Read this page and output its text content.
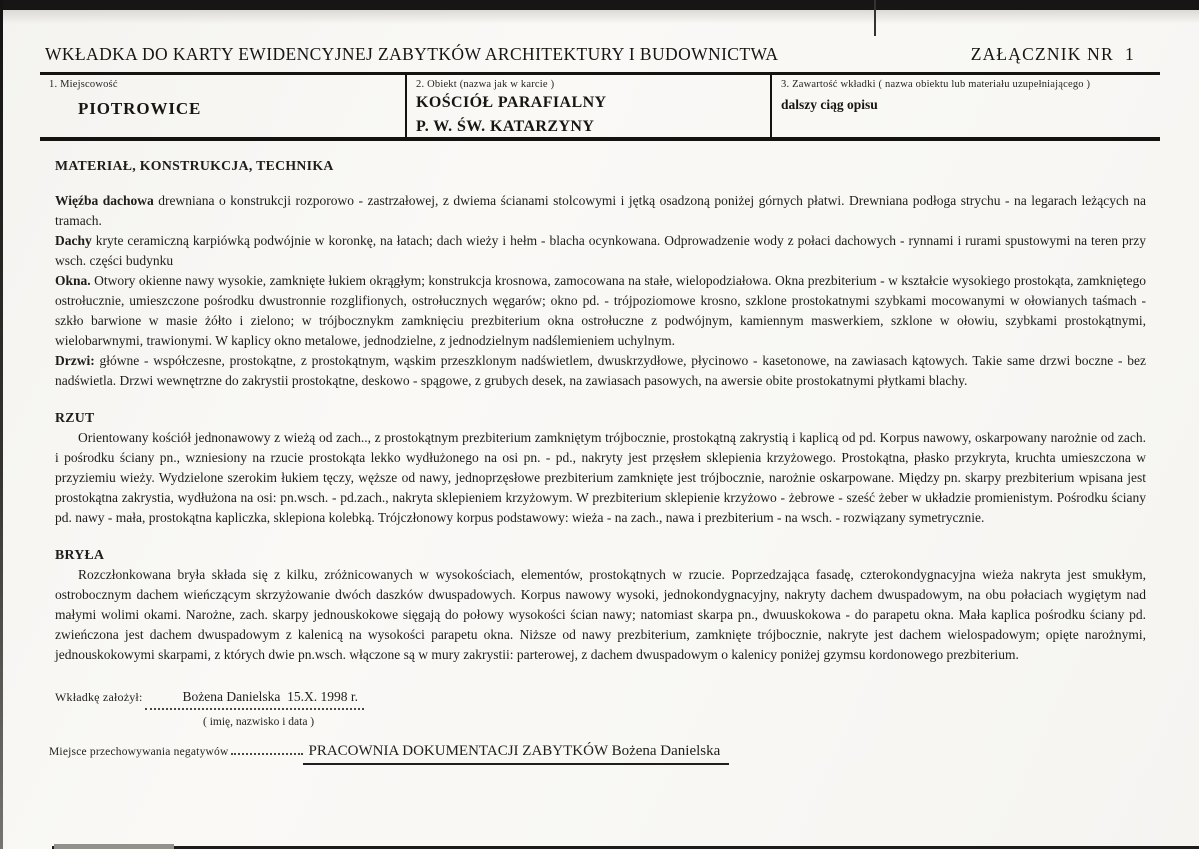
WKŁADKA DO KARTY EWIDENCYJNEJ ZABYTKÓW ARCHITEKTURY I BUDOWNICTWA	ZAŁĄCZNIK NR  1
1. Miejscowość
PIOTROWICE
2. Obiekt (nazwa jak w karcie )
KOŚCIÓŁ PARAFIALNY
P. W. ŚW. KATARZYNY
3. Zawartość wkładki ( nazwa obiektu lub materiału uzupełniającego )
dalszy ciąg opisu
MATERIAŁ, KONSTRUKCJA, TECHNIKA

Więźba dachowa drewniana o konstrukcji rozporowo - zastrzałowej, z dwiema ścianami stolcowymi i jętką osadzoną poniżej górnych płatwi. Drewniana podłoga strychu - na legarach leżących na tramach.

Dachy kryte ceramiczną karpiówką podwójnie w koronkę, na łatach; dach wieży i hełm - blacha ocynkowana. Odprowadzenie wody z połaci dachowych - rynnami i rurami spustowymi na teren przy wsch. części budynku

Okna. Otwory okienne nawy wysokie, zamknięte łukiem okrągłym; konstrukcja krosnowa, zamocowana na stałe, wielopodziałowa. Okna prezbiterium - w kształcie wysokiego prostokąta, zamkniętego ostrołucznie, umieszczone pośrodku dwustronnie rozglifionych, ostrołucznych węgarów; okno pd. - trójpoziomowe krosno, szklone prostokatnymi szybkami mocowanymi w ołowianych taśmach - szkło barwione w masie żółto i zielono; w trójbocznykm zamknięciu prezbiterium okna ostrołuczne z podwójnym, kamiennym maswerkiem, szklone w ołowiu, szybkami prostokątnymi, wielobarwnymi, trawionymi. W kaplicy okno metalowe, jednodzielne, z jednodzielnym nadślemieniem uchylnym.

Drzwi: główne - współczesne, prostokątne, z prostokątnym, wąskim przeszklonym nadświetlem, dwuskrzydłowe, płycinowo - kasetonowe, na zawiasach kątowych. Takie same drzwi boczne - bez nadświetla. Drzwi wewnętrzne do zakrystii prostokątne, deskowo - spągowe, z grubych desek, na zawiasach pasowych, na awersie obite prostokatnymi płytkami blachy.

RZUT

Orientowany kościół jednonawowy z wieżą od zach.., z prostokątnym prezbiterium zamkniętym trójbocznie, prostokątną zakrystią i kaplicą od pd. Korpus nawowy, oskarpowany narożnie od zach. i pośrodku ściany pn., wzniesiony na rzucie prostokąta lekko wydłużonego na osi pn. - pd., nakryty jest przęsłem sklepienia krzyżowego. Prostokątna, płasko przykryta, kruchta umieszczona w przyziemiu wieży. Wydzielone szerokim łukiem tęczy, węższe od nawy, jednoprzęsłowe prezbiterium zamknięte jest trójbocznie, narożnie oskarpowane. Między pn. skarpy prezbiterium wpisana jest prostokątna zakrystia, wydłużona na osi: pn.wsch. - pd.zach., nakryta sklepieniem krzyżowym. W prezbiterium sklepienie krzyżowo - żebrowe - sześć żeber w układzie promienistym. Pośrodku ściany pd. nawy - mała, prostokątna kapliczka, sklepiona kolebką. Trójczłonowy korpus podstawowy: wieża - na zach., nawa i prezbiterium - na wsch. - rozwiązany symetrycznie.

BRYŁA

Rozczłonkowana bryła składa się z kilku, zróżnicowanych w wysokościach, elementów, prostokątnych w rzucie. Poprzedzająca fasadę, czterokondygnacyjna wieża nakryta jest smukłym, ostrobocznym dachem wieńczącym skrzyżowanie dwóch daszków dwuspadowych. Korpus nawowy wysoki, jednokondygnacyjny, nakryty dachem dwuspadowym, na obu połaciach wygiętym nad małymi wolimi okami. Narożne, zach. skarpy jednouskokowe sięgają do połowy wysokości ścian nawy; natomiast skarpa pn., dwuuskokowa - do parapetu okna. Mała kaplica pośrodku ściany pd. zwieńczona jest dachem dwuspadowym z kalenicą na wysokości parapetu okna. Niższe od nawy prezbiterium, zamknięte trójbocznie, nakryte jest dachem wielospadowym; opięte narożnymi, jednouskokowymi skarpami, z których dwie pn.wsch. włączone są w mury zakrystii: parterowej, z dachem dwuspadowym o kalenicy poniżej gzymsu kordonowego prezbiterium.

Wkładkę założył:	Bożena Danielska  15.X. 1998 r.
( imię, nazwisko i data )
Miejsce przechowywania negatywów	PRACOWNIA DOKUMENTACJI ZABYTKÓW Bożena Danielska
